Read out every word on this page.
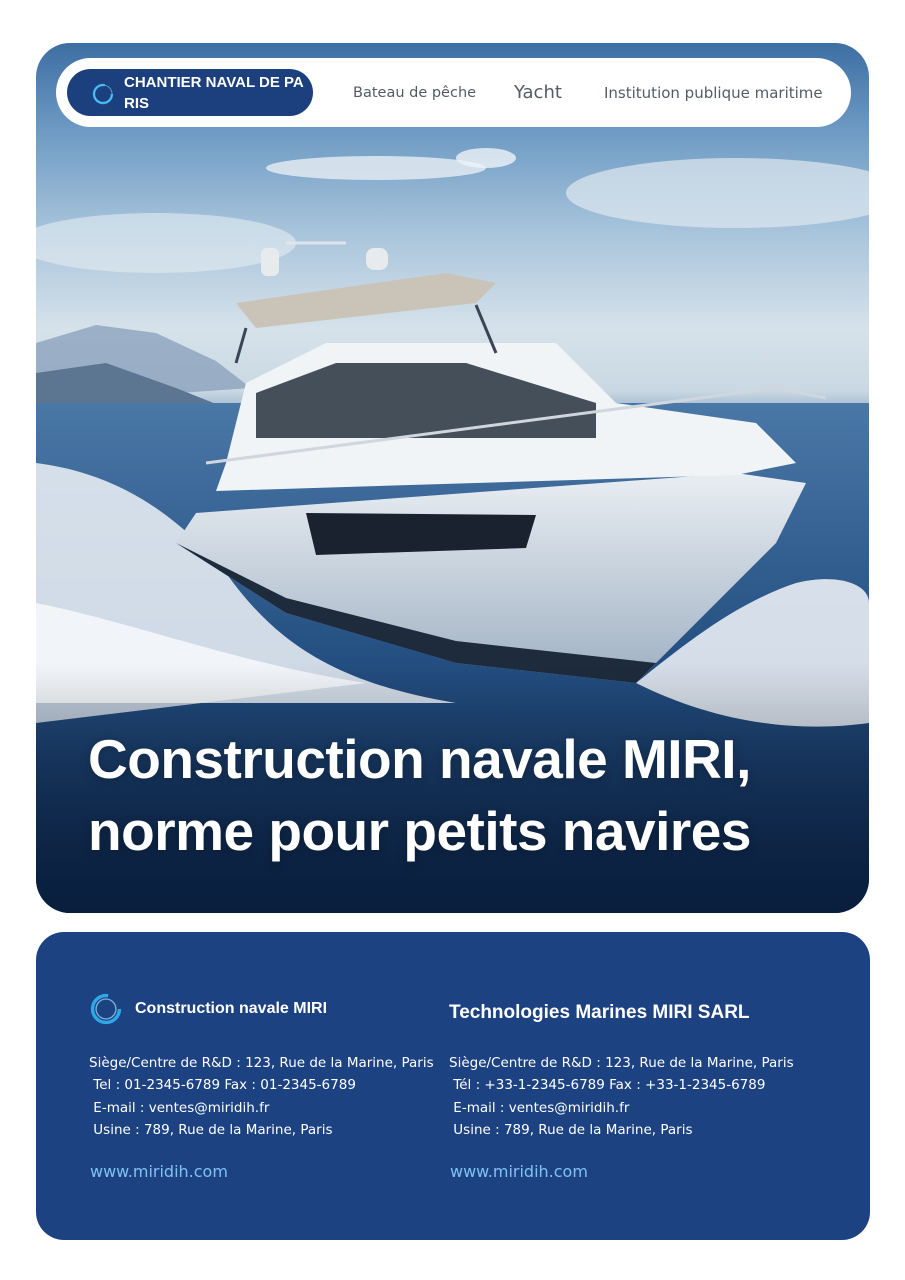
CHANTIER NAVAL DE PARIS
Bateau de pêche Yacht	Institution publique maritime
Construction navale MIRI,
norme pour petits navires
Construction navale MIRI
Siège/Centre de R&D : 123, Rue de la Marine, Paris
Tel : 01-2345-6789 Fax : 01-2345-6789
E-mail : ventes@miridih.fr
Usine : 789, Rue de la Marine, Paris
www.miridih.com
Technologies Marines MIRI SARL
Siège/Centre de R&D : 123, Rue de la Marine, Paris
Tél : +33-1-2345-6789 Fax : +33-1-2345-6789
E-mail : ventes@miridih.fr
Usine : 789, Rue de la Marine, Paris
www.miridih.com
